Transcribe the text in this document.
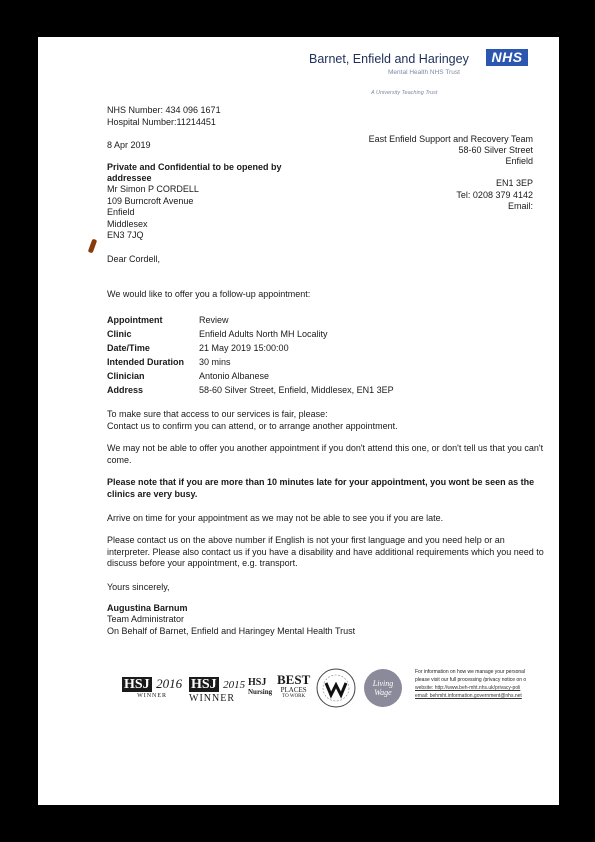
Barnet, Enfield and Haringey	NHS
Mental Health NHS Trust
A University Teaching Trust
NHS Number: 434 096 1671
Hospital Number:11214451
8 Apr 2019
East Enfield Support and Recovery Team
58-60 Silver Street
Enfield
EN1 3EP
Tel: 0208 379 4142
Email:
Private and Confidential to be opened by
addressee
Mr Simon P CORDELL
109 Burncroft Avenue
Enfield
Middlesex
EN3 7JQ
Dear Cordell,
We would like to offer you a follow-up appointment:
Appointment	Review
Clinic	Enfield Adults North MH Locality
Date/Time	21 May 2019 15:00:00
Intended Duration	30 mins
Clinician	Antonio Albanese
Address	58-60 Silver Street, Enfield, Middlesex, EN1 3EP
To make sure that access to our services is fair, please:
Contact us to confirm you can attend, or to arrange another appointment.
We may not be able to offer you another appointment if you don't attend this one, or don't tell us that you can't come.
Please note that if you are more than 10 minutes late for your appointment, you wont be seen as the clinics are very busy.
Arrive on time for your appointment as we may not be able to see you if you are late.
Please contact us on the above number if English is not your first language and you need help or an interpreter. Please also contact us if you have a disability and have additional requirements which you need to discuss before your appointment, e.g. transport.
Yours sincerely,
Augustina Barnum
Team Administrator
On Behalf of Barnet, Enfield and Haringey Mental Health Trust
HSJ 2016
WINNER
HSJ 2015
WINNER
HSJ
Nursing
BEST
PLACES
TO WORK
Living
Wage
For information on how we manage your personal
please visit our full processing /privacy notice on o
website: http://www.beh-mht.nhs.uk/privacy-poli
email: behmht.information.government@nhs.net
109
